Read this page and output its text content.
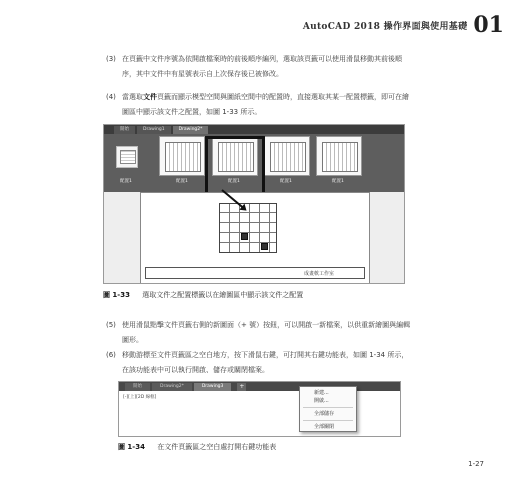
AutoCAD 2018 操作界面與使用基礎 01
(3) 在頁籤中文件序號為依開啟檔案時的前後順序編列，選取該頁籤可以使用滑鼠移動其前後順序，其中文件中有星號表示自上次保存後已被修改。
(4) 當選取文件頁籤而顯示模型空間與圖紙空間中的配置時，直接選取其某一配置標籤，即可在繪圖區中顯示該文件之配置，如圖 1-33 所示。
開始	Drawing1	Drawing2*
配置1	配置1	配置1	配置1	配置1
成畫軟工作室
圖 1-33 選取文件之配置標籤以在繪圖區中顯示該文件之配置
(5) 使用滑鼠點擊文件頁籤右側的新圖面（+ 號）按鈕，可以開啟一新檔案，以供重新繪圖與編輯圖形。
(6) 移動游標至文件頁籤區之空白地方，按下滑鼠右鍵，可打開其右鍵功能表，如圖 1-34 所示，在該功能表中可以執行開啟、儲存或關閉檔案。
開始	Drawing2*	Drawing3	+
[-][上][2D 線框]
新建...
開啟...
全部儲存
全部關閉
圖 1-34 在文件頁籤區之空白處打開右鍵功能表
1-27
